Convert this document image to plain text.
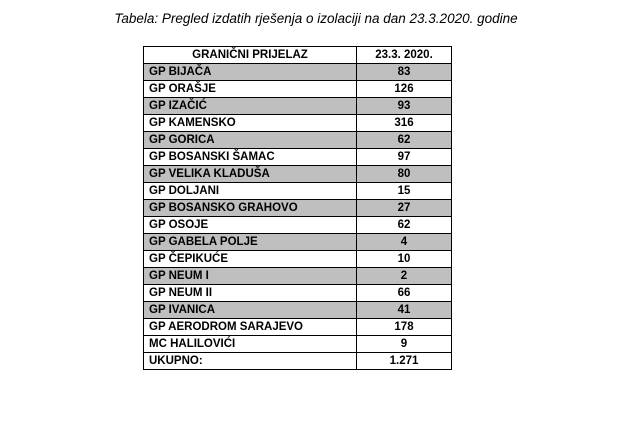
Tabela: Pregled izdatih rješenja o izolaciji na dan 23.3.2020. godine
GRANIČNI PRIJELAZ	23.3. 2020.
GP BIJAČA	83
GP ORAŠJE	126
GP IZAČIĆ	93
GP KAMENSKO	316
GP GORICA	62
GP BOSANSKI ŠAMAC	97
GP VELIKA KLADUŠA	80
GP DOLJANI	15
GP BOSANSKO GRAHOVO	27
GP OSOJE	62
GP GABELA POLJE	4
GP ČEPIKUĆE	10
GP NEUM I	2
GP NEUM II	66
GP IVANICA	41
GP AERODROM SARAJEVO	178
MC HALILOVIĆI	9
UKUPNO:	1.271
